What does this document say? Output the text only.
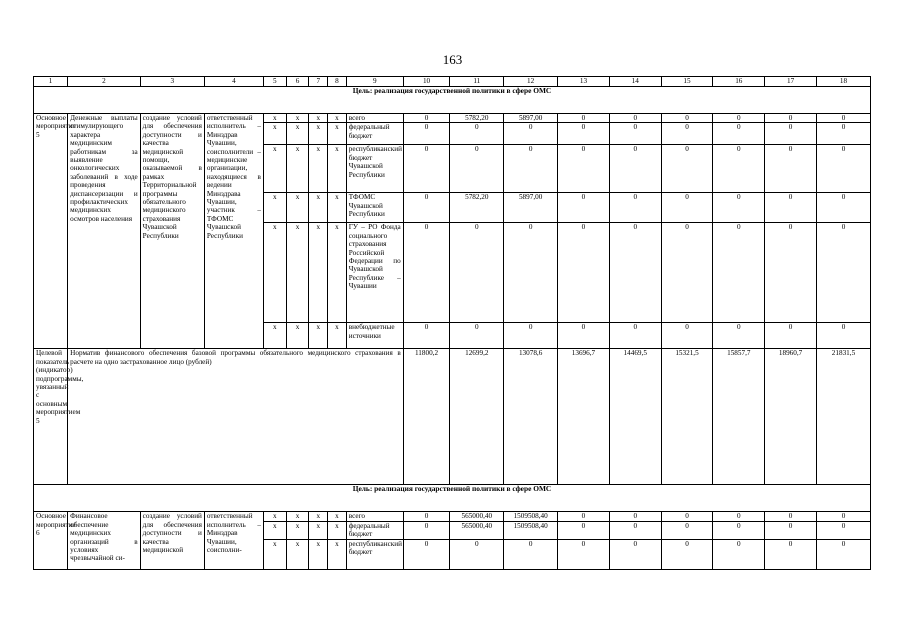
163
1	2	3	4	5	6	7	8	9	10	11	12	13	14	15	16	17	18
Цель: реализация государственной политики в сфере ОМС																	
Основное мероприятие 5	Денежные выплаты стимулирующего характера медицинским работникам за выявление онкологических заболеваний в ходе проведения диспансеризации и профилактических медицинских осмотров населения	создание условий для обеспечения доступности и качества медицинской помощи, оказываемой в рамках Территориальной программы обязательного медицинского страхования Чувашской Республики	ответственный исполнитель – Минздрав Чувашии, соисполнители – медицинские организации, находящиеся в ведении Минздрава Чувашии, участник – ТФОМС Чувашской Республики	x	x	x	x	всего	0	5782,20	5897,00	0	0	0	0	0	0
				x	x	x	x	федеральный бюджет	0	0	0	0	0	0	0	0	0
				x	x	x	x	республиканский бюджет Чувашской Республики	0	0	0	0	0	0	0	0	0
				x	x	x	x	ТФОМС Чувашской Республики	0	5782,20	5897,00	0	0	0	0	0	0
				x	x	x	x	ГУ – РО Фонда социального страхования Российской Федерации по Чувашской Республике – Чувашии	0	0	0	0	0	0	0	0	0
				x	x	x	x	внебюджетные источники	0	0	0	0	0	0	0	0	0
Целевой показатель (индикатор) подпрограммы, увязанный с основным мероприятием 5	Норматив финансового обеспечения базовой программы обязательного медицинского страхования в расчете на одно застрахованное лицо (рублей)								11800,2	12699,2	13078,6	13696,7	14469,5	15321,5	15857,7	18960,7	21831,5
Цель: реализация государственной политики в сфере ОМС																	
Основное мероприятие 6	Финансовое обеспечение медицинских организаций в условиях чрезвычайной си-	создание условий для обеспечения доступности и качества медицинской	ответственный исполнитель – Минздрав Чувашии, соисполни-	x	x	x	x	всего	0	565000,40	1509508,40	0	0	0	0	0	0
				x	x	x	x	федеральный бюджет	0	565000,40	1509508,40	0	0	0	0	0	0
				x	x	x	x	республиканский бюджет	0	0	0	0	0	0	0	0	0
